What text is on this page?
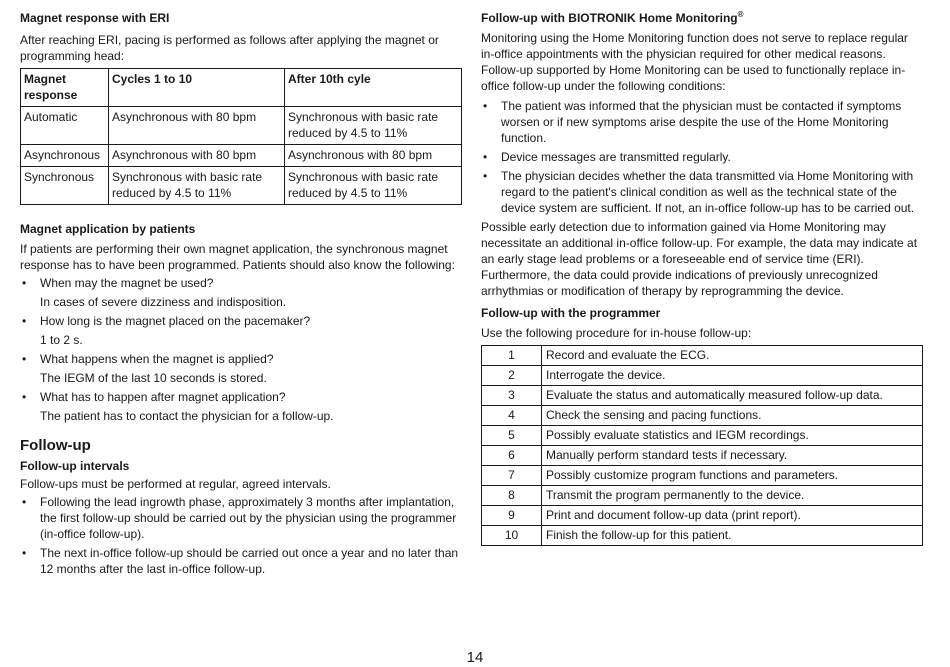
Magnet response with ERI

After reaching ERI, pacing is performed as follows after applying the magnet or programming head:

Magnet response	Cycles 1 to 10	After 10th cyle
Automatic	Asynchronous with 80 bpm	Synchronous with basic rate reduced by 4.5 to 11%
Asynchronous	Asynchronous with 80 bpm	Asynchronous with 80 bpm
Synchronous	Synchronous with basic rate reduced by 4.5 to 11%	Synchronous with basic rate reduced by 4.5 to 11%
Magnet application by patients

If patients are performing their own magnet application, the synchronous magnet response has to have been programmed. Patients should also know the following:

• When may the magnet be used?
In cases of severe dizziness and indisposition.
• How long is the magnet placed on the pacemaker?
1 to 2 s.
• What happens when the magnet is applied?
The IEGM of the last 10 seconds is stored.
• What has to happen after magnet application?
The patient has to contact the physician for a follow-up.
Follow-up
Follow-up intervals

Follow-ups must be performed at regular, agreed intervals.

• Following the lead ingrowth phase, approximately 3 months after implantation, the first follow-up should be carried out by the physician using the programmer (in-office follow-up).
• The next in-office follow-up should be carried out once a year and no later than 12 months after the last in-office follow-up.
Follow-up with BIOTRONIK Home Monitoring®

Monitoring using the Home Monitoring function does not serve to replace regular in-office appointments with the physician required for other medical reasons.

Follow-up supported by Home Monitoring can be used to functionally replace in-office follow-up under the following conditions:

• The patient was informed that the physician must be contacted if symptoms worsen or if new symptoms arise despite the use of the Home Monitoring function.
• Device messages are transmitted regularly.
• The physician decides whether the data transmitted via Home Monitoring with regard to the patient's clinical condition as well as the technical state of the device system are sufficient. If not, an in-office follow-up has to be carried out.

Possible early detection due to information gained via Home Monitoring may necessitate an additional in-office follow-up. For example, the data may indicate at an early stage lead problems or a foreseeable end of service time (ERI). Furthermore, the data could provide indications of previously unrecognized arrhythmias or modification of therapy by reprogramming the device.

Follow-up with the programmer

Use the following procedure for in-house follow-up:

1	Record and evaluate the ECG.
2	Interrogate the device.
3	Evaluate the status and automatically measured follow-up data.
4	Check the sensing and pacing functions.
5	Possibly evaluate statistics and IEGM recordings.
6	Manually perform standard tests if necessary.
7	Possibly customize program functions and parameters.
8	Transmit the program permanently to the device.
9	Print and document follow-up data (print report).
10	Finish the follow-up for this patient.
14
